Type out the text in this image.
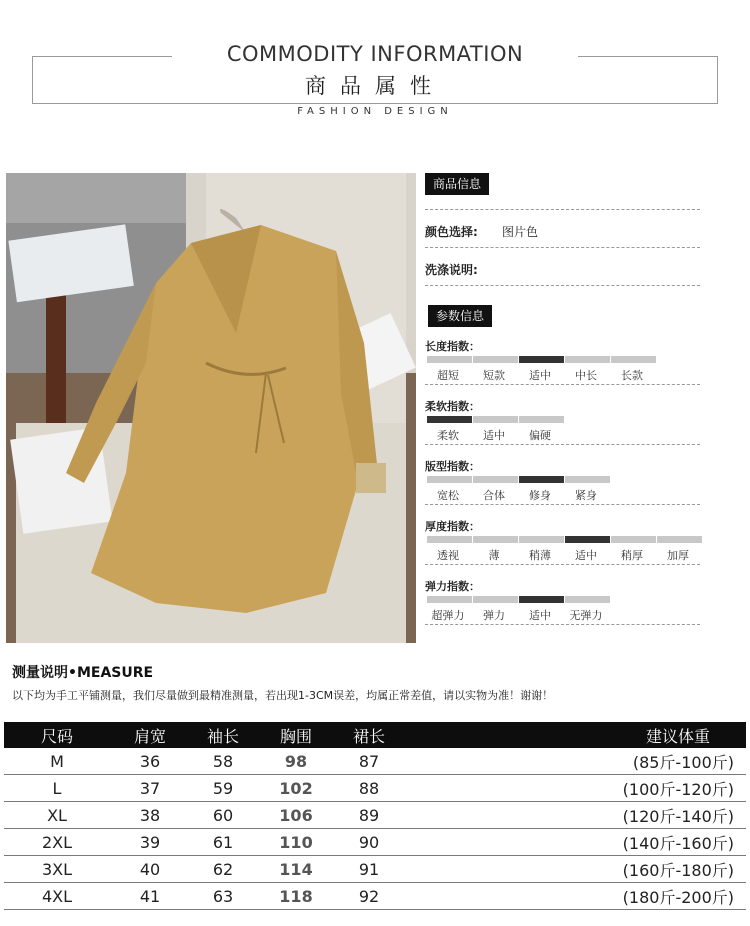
COMMODITY INFORMATION
商品属性
FASHION DESIGN
商品信息
颜色选择: 图片色
洗涤说明:
参数信息
长度指数：
超短	短款	适中	中长	长款
柔软指数：
柔软	适中	偏硬
版型指数：
宽松	合体	修身	紧身
厚度指数：
透视	薄	稍薄	适中	稍厚	加厚
弹力指数：
超弹力	弹力	适中	无弹力
测量说明•MEASURE
以下均为手工平铺测量，我们尽量做到最精准测量，若出现1-3CM误差，均属正常差值，请以实物为准！谢谢！
尺码	肩宽	袖长	胸围	裙长	建议体重
M	36	58	98	87	(85斤-100斤)
L	37	59	102	88	(100斤-120斤)
XL	38	60	106	89	(120斤-140斤)
2XL	39	61	110	90	(140斤-160斤)
3XL	40	62	114	91	(160斤-180斤)
4XL	41	63	118	92	(180斤-200斤)
